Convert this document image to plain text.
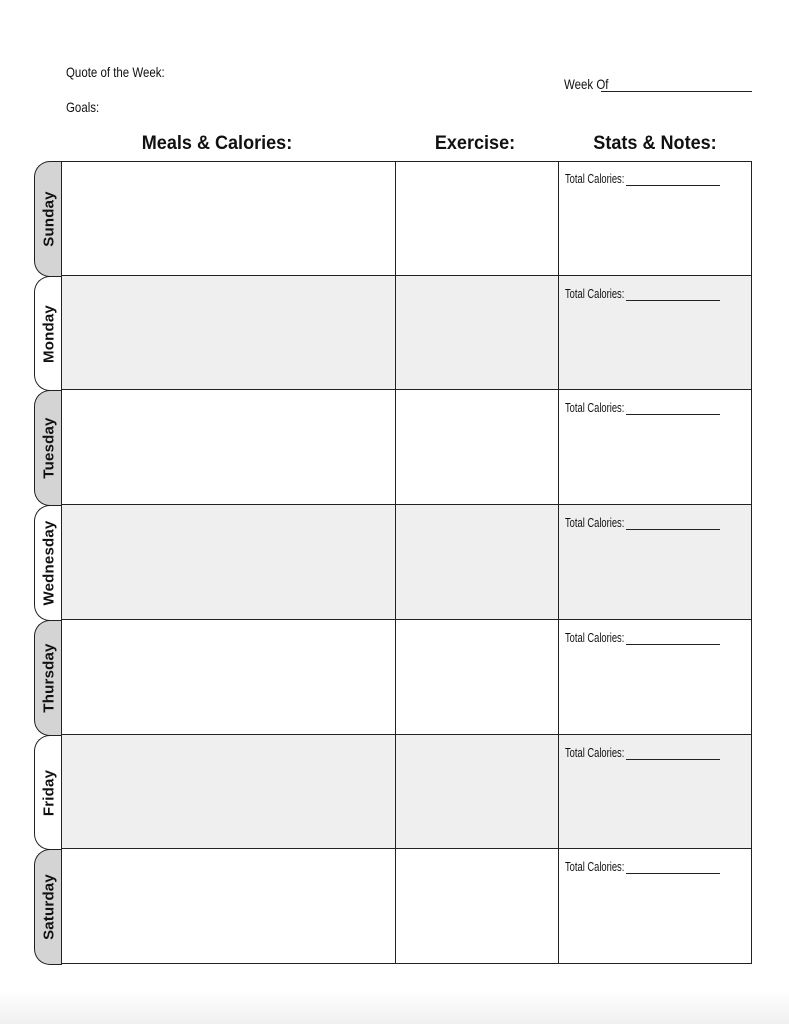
Quote of the Week:
Goals:
Week Of
Meals & Calories:	Exercise:	Stats & Notes:
Sunday
Monday
Tuesday
Wednesday
Thursday
Friday
Saturday
Total Calories:
Total Calories:
Total Calories:
Total Calories:
Total Calories:
Total Calories:
Total Calories:
